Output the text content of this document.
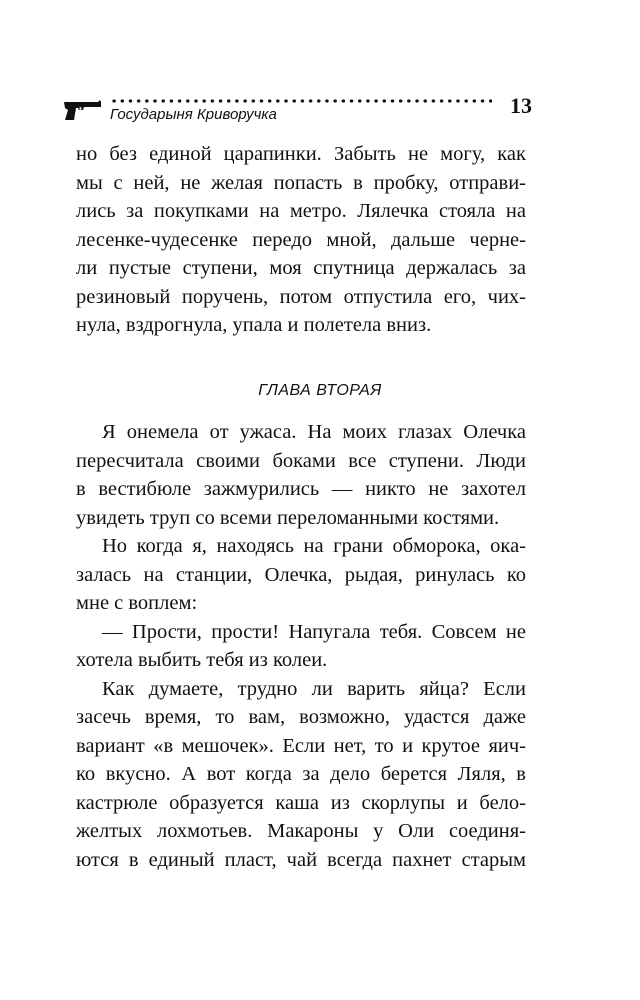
Государыня Криворучка	13
но без единой царапинки. Забыть не могу, как
мы с ней, не желая попасть в пробку, отправи-
лись за покупками на метро. Лялечка стояла на
лесенке-чудесенке передо мной, дальше черне-
ли пустые ступени, моя спутница держалась за
резиновый поручень, потом отпустила его, чих-
нула, вздрогнула, упала и полетела вниз.
ГЛАВА ВТОРАЯ
Я онемела от ужаса. На моих глазах Олечка
пересчитала своими боками все ступени. Люди
в вестибюле зажмурились — никто не захотел
увидеть труп со всеми переломанными костями.
Но когда я, находясь на грани обморока, ока-
залась на станции, Олечка, рыдая, ринулась ко
мне с воплем:
— Прости, прости! Напугала тебя. Совсем не
хотела выбить тебя из колеи.
Как думаете, трудно ли варить яйца? Если
засечь время, то вам, возможно, удастся даже
вариант «в мешочек». Если нет, то и крутое яич-
ко вкусно. А вот когда за дело берется Ляля, в
кастрюле образуется каша из скорлупы и бело-
желтых лохмотьев. Макароны у Оли соединя-
ются в единый пласт, чай всегда пахнет старым
